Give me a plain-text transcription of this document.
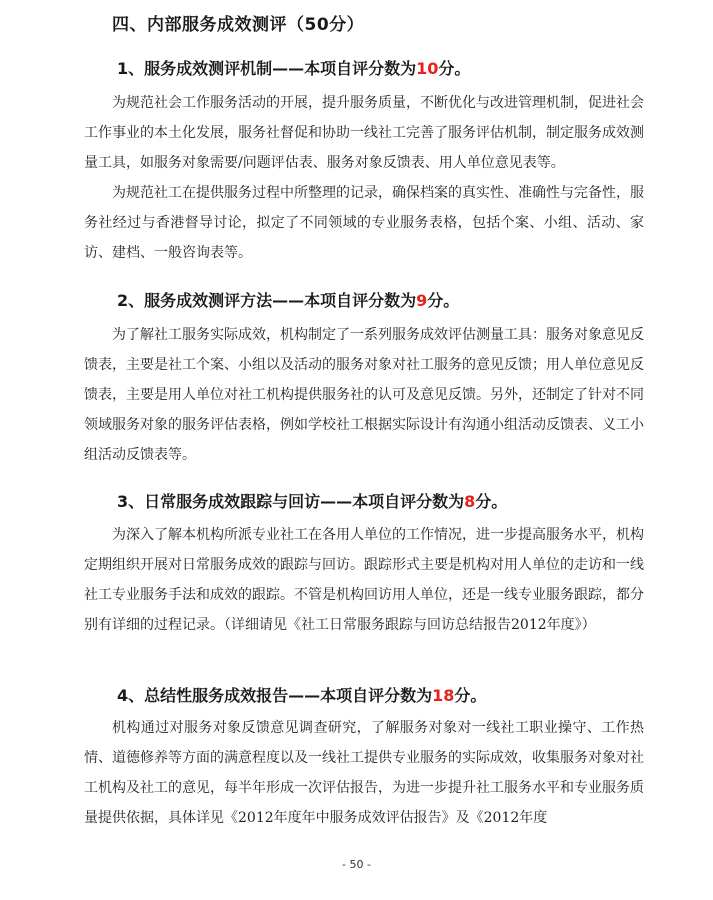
四、内部服务成效测评（50分）
1、服务成效测评机制——本项自评分数为10分。

为规范社会工作服务活动的开展，提升服务质量，不断优化与改进管理机制，促进社会工作事业的本土化发展，服务社督促和协助一线社工完善了服务评估机制，制定服务成效测量工具，如服务对象需要/问题评估表、服务对象反馈表、用人单位意见表等。

为规范社工在提供服务过程中所整理的记录，确保档案的真实性、准确性与完备性，服务社经过与香港督导讨论，拟定了不同领域的专业服务表格，包括个案、小组、活动、家访、建档、一般咨询表等。

2、服务成效测评方法——本项自评分数为9分。

为了解社工服务实际成效，机构制定了一系列服务成效评估测量工具：服务对象意见反馈表，主要是社工个案、小组以及活动的服务对象对社工服务的意见反馈；用人单位意见反馈表，主要是用人单位对社工机构提供服务社的认可及意见反馈。另外，还制定了针对不同领域服务对象的服务评估表格，例如学校社工根据实际设计有沟通小组活动反馈表、义工小组活动反馈表等。

3、日常服务成效跟踪与回访——本项自评分数为8分。

为深入了解本机构所派专业社工在各用人单位的工作情况，进一步提高服务水平，机构定期组织开展对日常服务成效的跟踪与回访。跟踪形式主要是机构对用人单位的走访和一线社工专业服务手法和成效的跟踪。不管是机构回访用人单位，还是一线专业服务跟踪，都分别有详细的过程记录。（详细请见《社工日常服务跟踪与回访总结报告2012年度》）

4、总结性服务成效报告——本项自评分数为18分。

机构通过对服务对象反馈意见调查研究，了解服务对象对一线社工职业操守、工作热情、道德修养等方面的满意程度以及一线社工提供专业服务的实际成效，收集服务对象对社工机构及社工的意见，每半年形成一次评估报告，为进一步提升社工服务水平和专业服务质量提供依据，具体详见《2012年度年中服务成效评估报告》及《2012年度

- 50 -
